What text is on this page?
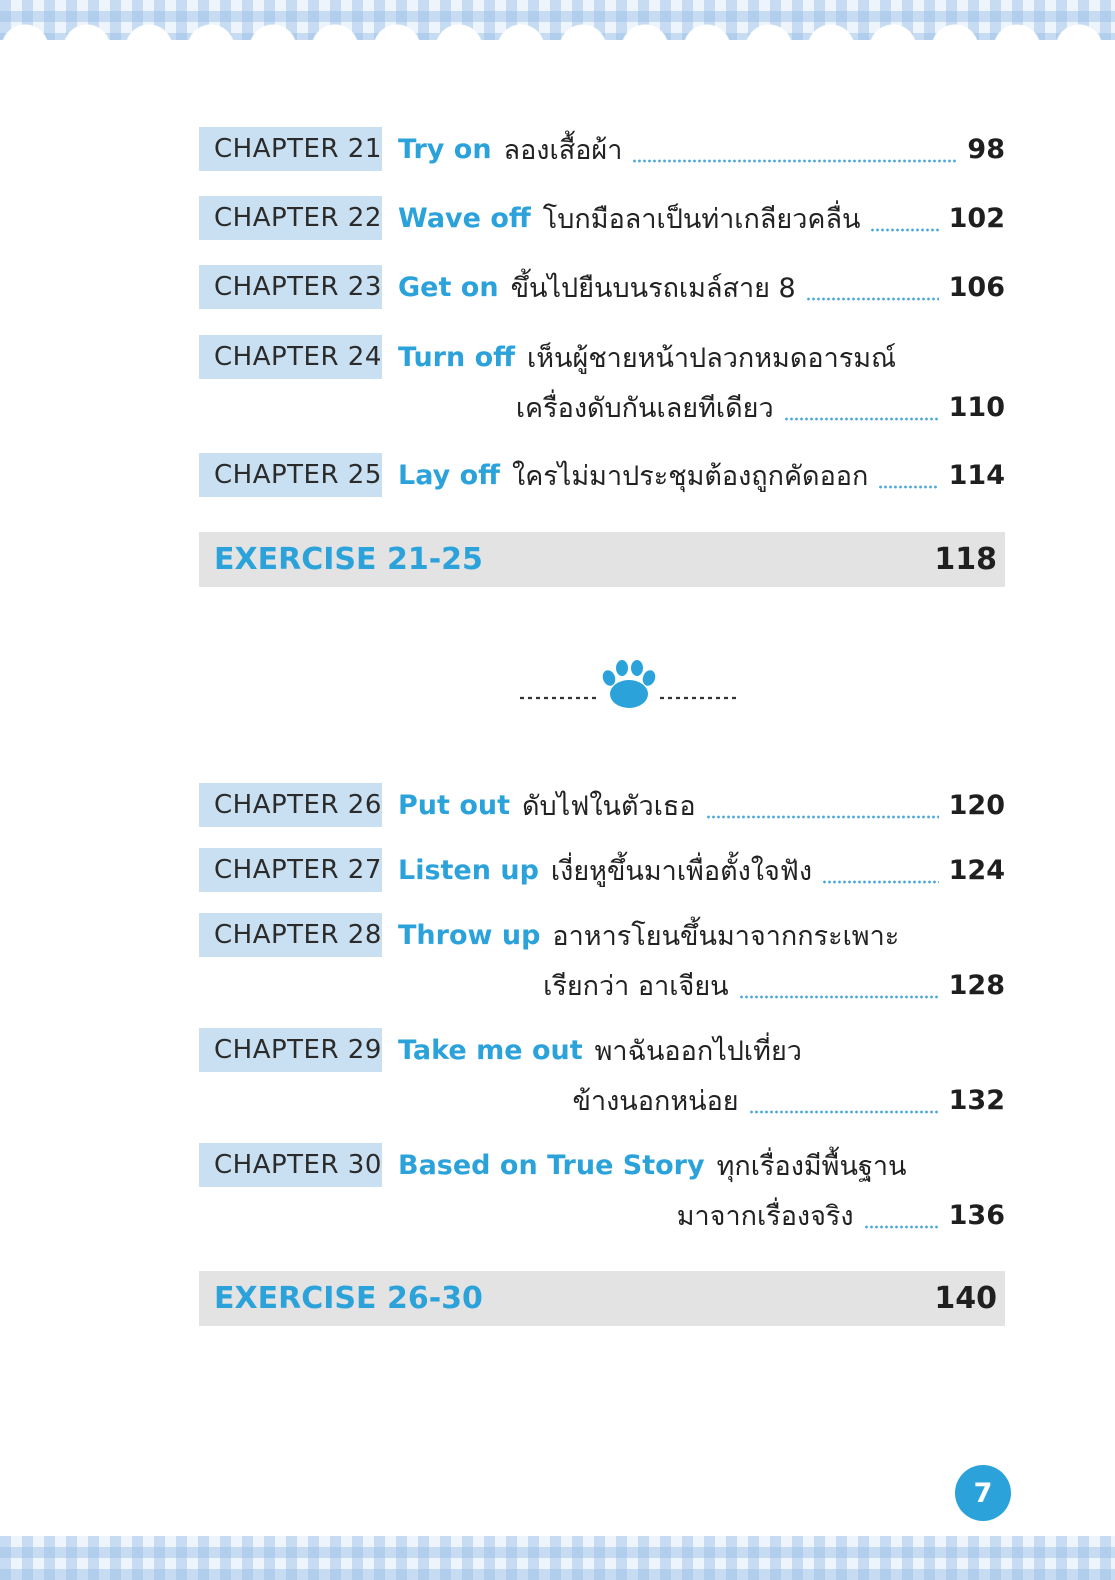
CHAPTER 21 Try on ลองเสื้อผ้า	98
CHAPTER 22 Wave off โบกมือลาเป็นท่าเกลียวคลื่น	102
CHAPTER 23 Get on ขึ้นไปยืนบนรถเมล์สาย 8	106
CHAPTER 24 Turn off เห็นผู้ชายหน้าปลวกหมดอารมณ์
เครื่องดับกันเลยทีเดียว	110
CHAPTER 25 Lay off ใครไม่มาประชุมต้องถูกคัดออก	114
EXERCISE 21-25	118
CHAPTER 26 Put out ดับไฟในตัวเธอ	120
CHAPTER 27 Listen up เงี่ยหูขึ้นมาเพื่อตั้งใจฟัง	124
CHAPTER 28 Throw up อาหารโยนขึ้นมาจากกระเพาะ
เรียกว่า อาเจียน	128
CHAPTER 29 Take me out พาฉันออกไปเที่ยว
ข้างนอกหน่อย	132
CHAPTER 30 Based on True Story ทุกเรื่องมีพื้นฐาน
มาจากเรื่องจริง	136
EXERCISE 26-30	140
7
